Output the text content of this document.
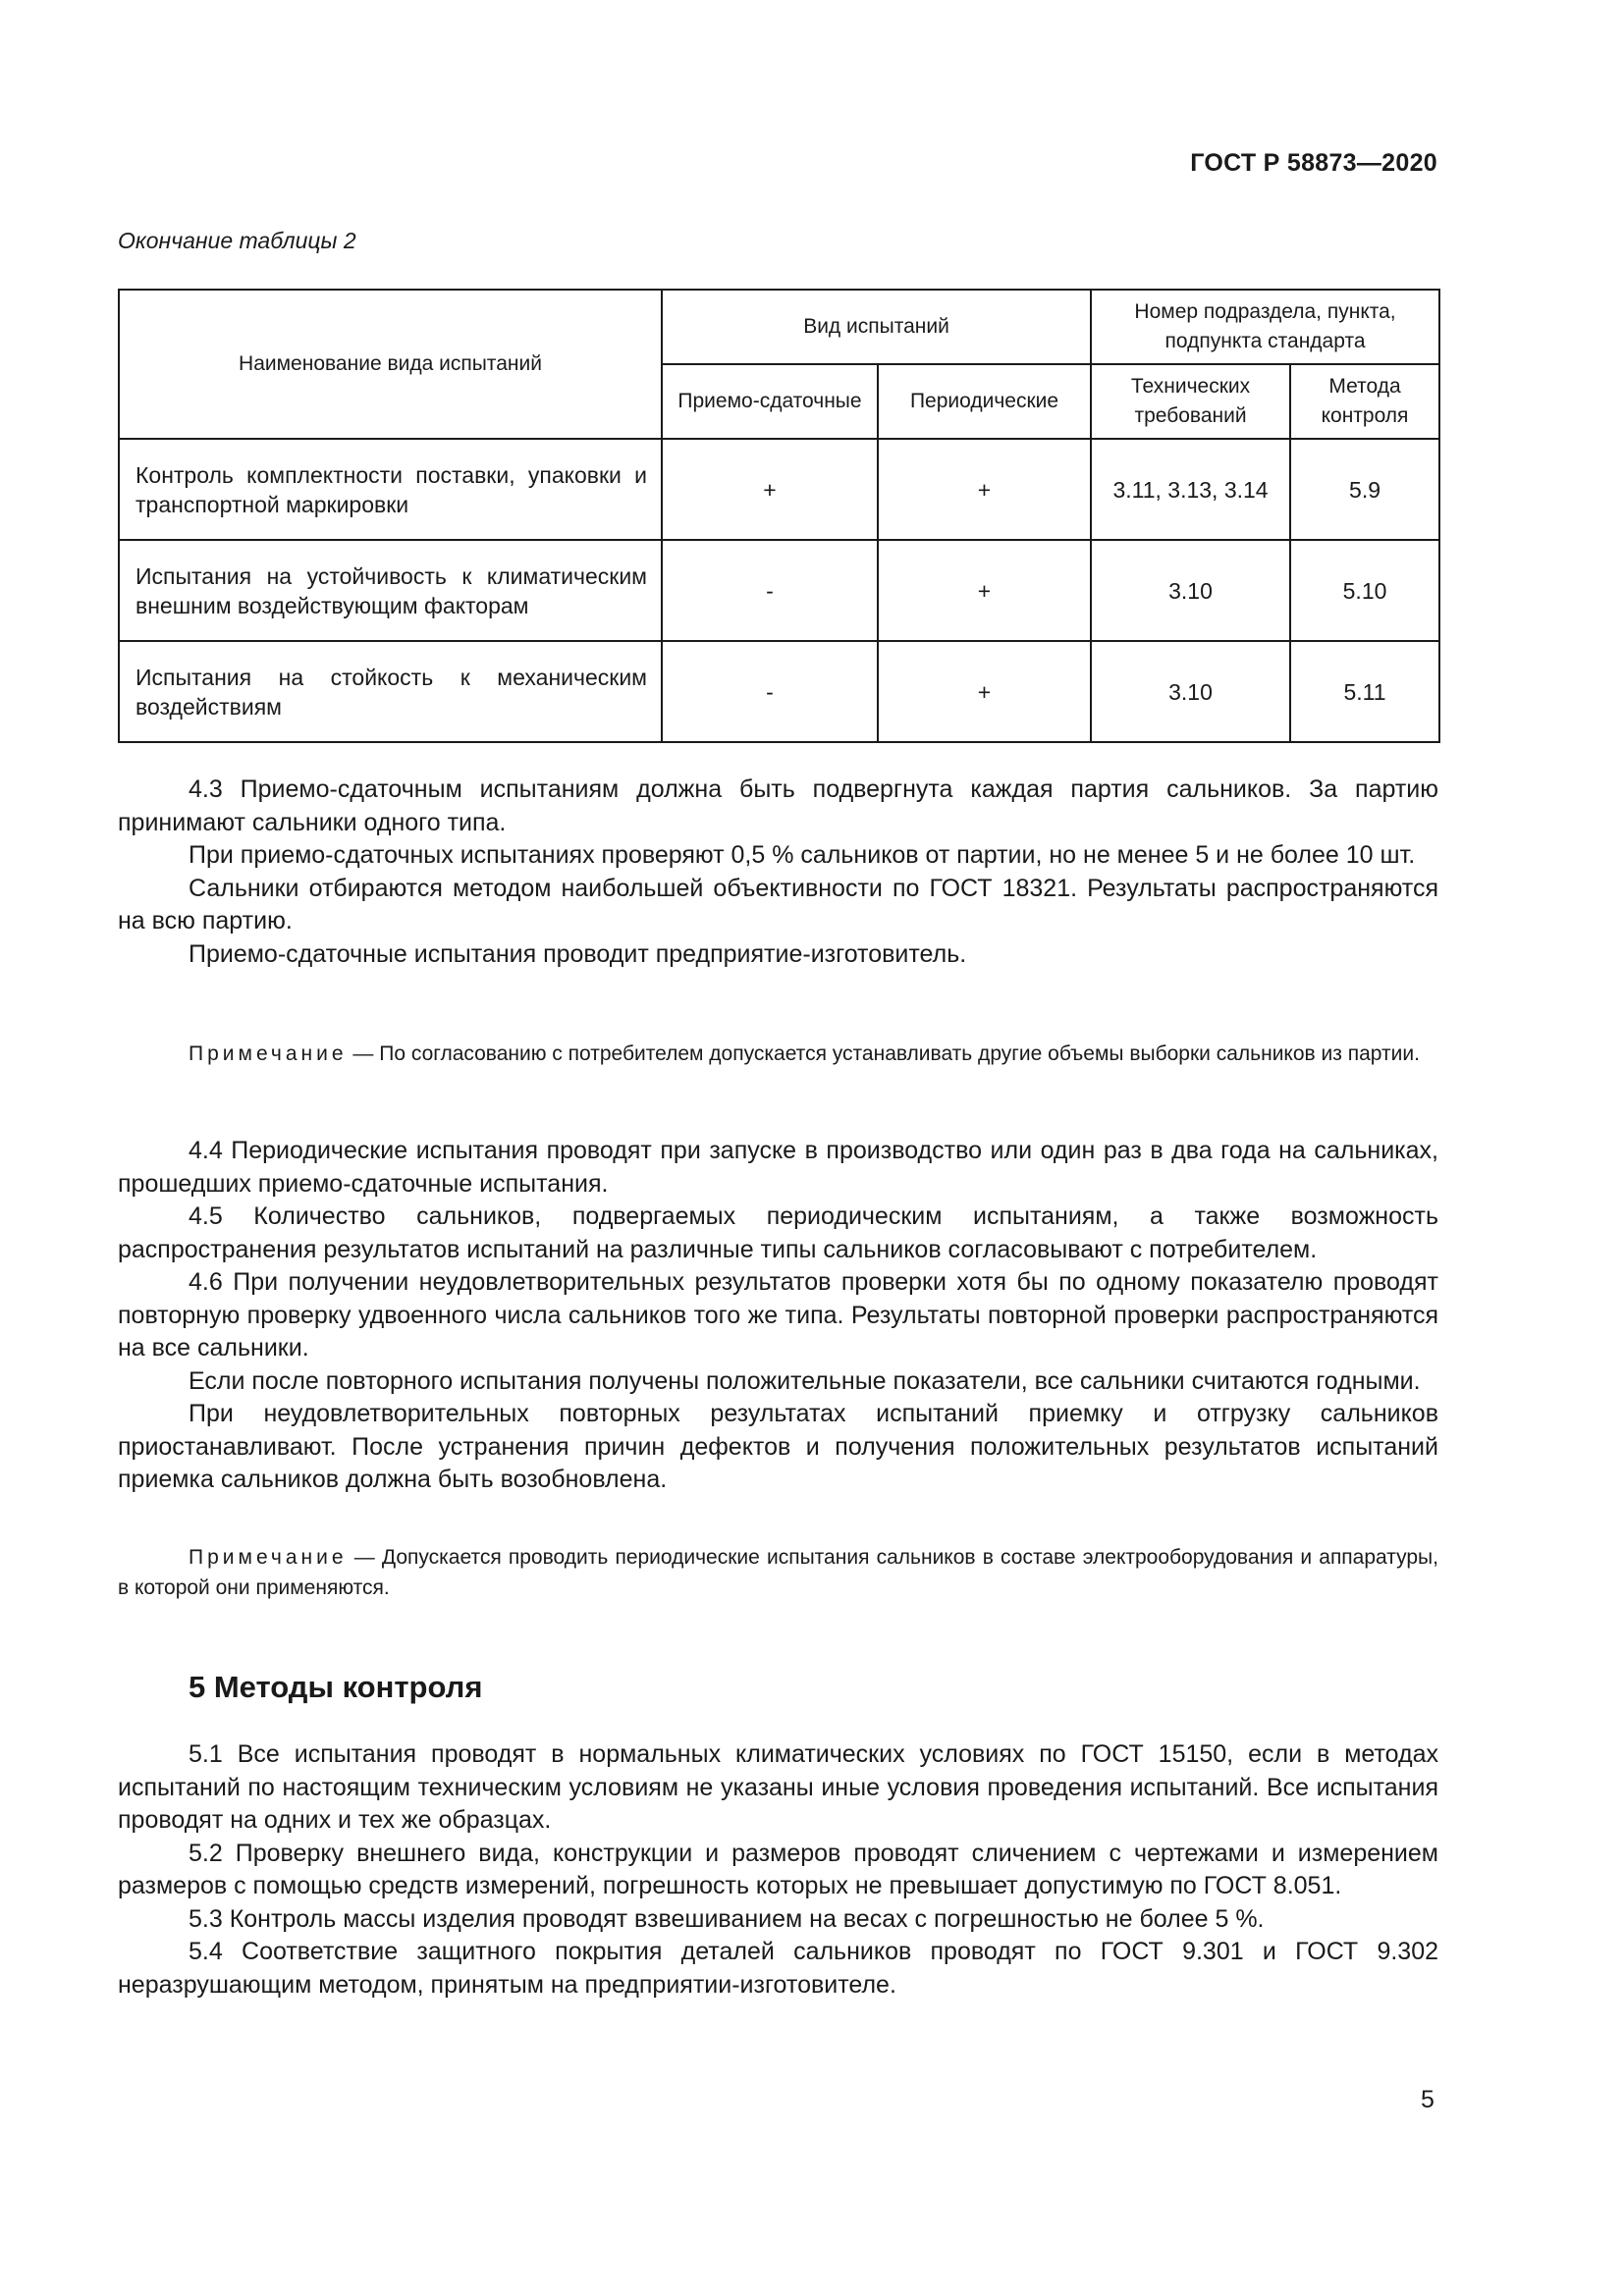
ГОСТ Р 58873—2020
Окончание таблицы 2
Наименование вида испытаний	Вид испытаний		Номер подраздела, пункта, подпункта стандарта	
	Приемо-сдаточные	Периодические	Технических требований	Метода контроля
Контроль комплектности поставки, упаковки и транспортной маркировки	+	+	3.11, 3.13, 3.14	5.9
Испытания на устойчивость к климатическим внешним воздействующим факторам	-	+	3.10	5.10
Испытания на стойкость к механическим воздействиям	-	+	3.10	5.11

4.3 Приемо-сдаточным испытаниям должна быть подвергнута каждая партия сальников. За партию принимают сальники одного типа.

При приемо-сдаточных испытаниях проверяют 0,5 % сальников от партии, но не менее 5 и не более 10 шт.

Сальники отбираются методом наибольшей объективности по ГОСТ 18321. Результаты распространяются на всю партию.

Приемо-сдаточные испытания проводит предприятие-изготовитель.

Примечание — По согласованию с потребителем допускается устанавливать другие объемы выборки сальников из партии.

4.4 Периодические испытания проводят при запуске в производство или один раз в два года на сальниках, прошедших приемо-сдаточные испытания.

4.5 Количество сальников, подвергаемых периодическим испытаниям, а также возможность распространения результатов испытаний на различные типы сальников согласовывают с потребителем.

4.6 При получении неудовлетворительных результатов проверки хотя бы по одному показателю проводят повторную проверку удвоенного числа сальников того же типа. Результаты повторной проверки распространяются на все сальники.

Если после повторного испытания получены положительные показатели, все сальники считаются годными.

При неудовлетворительных повторных результатах испытаний приемку и отгрузку сальников приостанавливают. После устранения причин дефектов и получения положительных результатов испытаний приемка сальников должна быть возобновлена.

Примечание — Допускается проводить периодические испытания сальников в составе электрооборудования и аппаратуры, в которой они применяются.

5 Методы контроля

5.1 Все испытания проводят в нормальных климатических условиях по ГОСТ 15150, если в методах испытаний по настоящим техническим условиям не указаны иные условия проведения испытаний. Все испытания проводят на одних и тех же образцах.

5.2 Проверку внешнего вида, конструкции и размеров проводят сличением с чертежами и измерением размеров с помощью средств измерений, погрешность которых не превышает допустимую по ГОСТ 8.051.

5.3 Контроль массы изделия проводят взвешиванием на весах с погрешностью не более 5 %.

5.4 Соответствие защитного покрытия деталей сальников проводят по ГОСТ 9.301 и ГОСТ 9.302 неразрушающим методом, принятым на предприятии-изготовителе.

5
